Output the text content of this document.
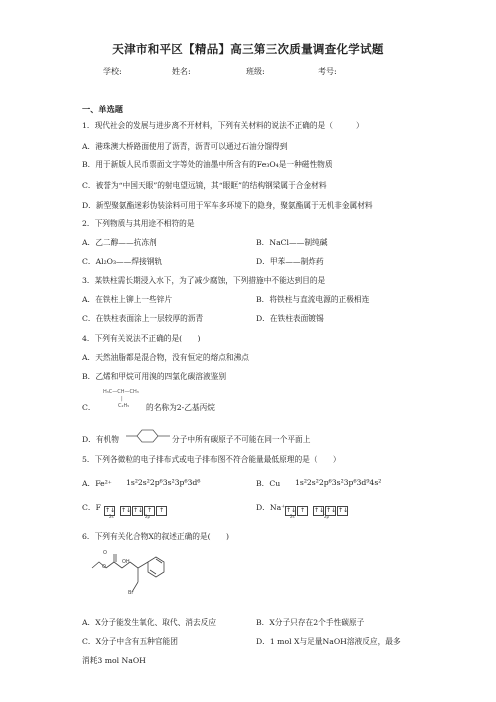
天津市和平区【精品】高三第三次质量调查化学试题
学校:	姓名:	班级:	考号:
一、单选题
1．现代社会的发展与进步离不开材料，下列有关材料的说法不正确的是（　　　）
A．港珠澳大桥路面使用了沥青，沥青可以通过石油分馏得到
B．用于新版人民币票面文字等处的油墨中所含有的Fe₃O₄是一种磁性物质
C．被誉为“中国天眼”的射电望远镜，其“眼眶”的结构钢梁属于合金材料
D．新型聚氨酯迷彩伪装涂料可用于军车多环境下的隐身，聚氨酯属于无机非金属材料
2．下列物质与其用途不相符的是
A．乙二醇——抗冻剂	B．NaCl——制纯碱
C．Al₂O₃——焊接钢轨	D．甲苯——制炸药
3．某铁柱需长期浸入水下，为了减少腐蚀，下列措施中不能达到目的是
A．在铁柱上铆上一些锌片	B．将铁柱与直流电源的正极相连
C．在铁柱表面涂上一层较厚的沥青	D．在铁柱表面镀锡
4．下列有关说法不正确的是(　　)
A．天然油脂都是混合物，没有恒定的熔点和沸点
B．乙烯和甲烷可用溴的四氯化碳溶液鉴别
C．
H₃C—CH—CH₃
|
C₂H₅ 的名称为2-乙基丙烷
D．有机物	分子中所有碳原子不可能在同一个平面上
5．下列各微粒的电子排布式或电子排布图不符合能量最低原理的是（　　）
A．Fe²⁺ 1s²2s²2p⁶3s²3p⁶3d⁶	B．Cu 1s²2s²2p⁶3s²3p⁶3d⁹4s²
C．F ↑↓ ↑↓ ↑↓ ↑ ↑
2s	2p
D．Na⁺ ↑↓ ↑ ↑↓ ↑↓ ↑↓
2s	2p
6．下列有关化合物X的叙述正确的是(　　)
O
O
OH
Br
A．X分子能发生氧化、取代、消去反应	B．X分子只存在2个手性碳原子
C．X分子中含有五种官能团	D．1 mol X与足量NaOH溶液反应，最多
消耗3 mol NaOH
